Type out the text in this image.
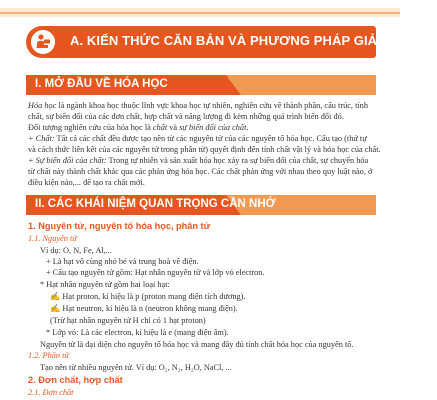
A. KIẾN THỨC CĂN BẢN VÀ PHƯƠNG PHÁP GIẢI BÀI TẬP
I. MỞ ĐẦU VỀ HÓA HỌC
Hóa học là ngành khoa học thuộc lĩnh vực khoa học tự nhiên, nghiên cứu về thành phần, cấu trúc, tính
chất, sự biến đổi của các đơn chất, hợp chất và năng lượng đi kèm những quá trình biến đổi đó.
Đối tượng nghiên cứu của hóa học là chất và sự biến đổi của chất.
+ Chất: Tất cả các chất đều được tạo nên từ các nguyên tử của các nguyên tố hóa học. Cấu tạo (thứ tự
và cách thức liên kết của các nguyên tử trong phân tử) quyết định đến tính chất vật lý và hóa học của chất.
+ Sự biến đổi của chất: Trong tự nhiên và sản xuất hóa học xảy ra sự biến đổi của chất, sự chuyển hóa
từ chất này thành chất khác qua các phản ứng hóa học. Các chất phản ứng với nhau theo quy luật nào, ở
điều kiện nào,... để tạo ra chất mới.
II. CÁC KHÁI NIỆM QUAN TRỌNG CẦN NHỚ
1. Nguyên tử, nguyên tố hóa học, phân tử
1.1. Nguyên tử
Ví dụ: O, N, Fe, Al,...
+ Là hạt vô cùng nhỏ bé và trung hoà về điện.
+ Cấu tạo nguyên tử gồm: Hạt nhân nguyên tử và lớp vỏ electron.
* Hạt nhân nguyên tử gồm hai loại hạt:
✍ Hạt proton, kí hiệu là p (proton mang điện tích dương).
✍ Hạt neutron, kí hiệu là n (neutron không mang điện).
(Trừ hạt nhân nguyên tử H chỉ có 1 hạt proton)
* Lớp vỏ: Là các electron, kí hiệu là e (mang điện âm).
Nguyên tử là đại diện cho nguyên tố hóa học và mang đầy đủ tính chất hóa học của nguyên tố.
1.2. Phân tử
Tạo nên từ nhiều nguyên tử. Ví dụ: O₂, N₂, H₂O, NaCl, ...
2. Đơn chất, hợp chất
2.1. Đơn chất
